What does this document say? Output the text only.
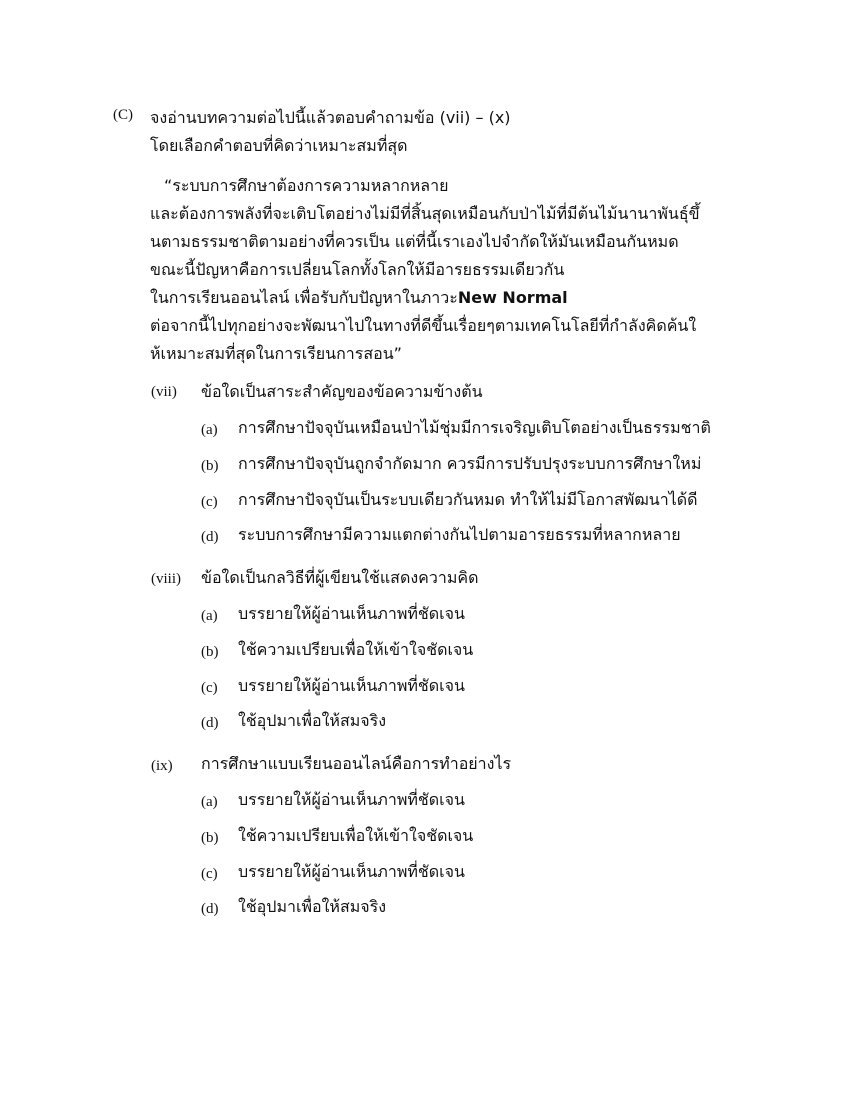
(C) จงอ่านบทความต่อไปนี้แล้วตอบคำถามข้อ (vii) – (x)
โดยเลือกคำตอบที่คิดว่าเหมาะสมที่สุด
“ระบบการศึกษาต้องการความหลากหลาย
และต้องการพลังที่จะเติบโตอย่างไม่มีที่สิ้นสุดเหมือนกับป่าไม้ที่มีต้นไม้นานาพันธุ์ขึ้
นตามธรรมชาติตามอย่างที่ควรเป็น แต่ที่นี้เราเองไปจำกัดให้มันเหมือนกันหมด
ขณะนี้ปัญหาคือการเปลี่ยนโลกทั้งโลกให้มีอารยธรรมเดียวกัน
ในการเรียนออนไลน์ เพื่อรับกับปัญหาในภาวะNew Normal
ต่อจากนี้ไปทุกอย่างจะพัฒนาไปในทางที่ดีขึ้นเรื่อยๆตามเทคโนโลยีที่กำลังคิดค้นใ
ห้เหมาะสมที่สุดในการเรียนการสอน”
(vii) ข้อใดเป็นสาระสำคัญของข้อความข้างต้น
(a) การศึกษาปัจจุบันเหมือนป่าไม้ชุ่มมีการเจริญเติบโตอย่างเป็นธรรมชาติ
(b) การศึกษาปัจจุบันถูกจำกัดมาก ควรมีการปรับปรุงระบบการศึกษาใหม่
(c) การศึกษาปัจจุบันเป็นระบบเดียวกันหมด ทำให้ไม่มีโอกาสพัฒนาได้ดี
(d) ระบบการศึกษามีความแตกต่างกันไปตามอารยธรรมที่หลากหลาย
(viii) ข้อใดเป็นกลวิธีที่ผู้เขียนใช้แสดงความคิด
(a) บรรยายให้ผู้อ่านเห็นภาพที่ชัดเจน
(b) ใช้ความเปรียบเพื่อให้เข้าใจชัดเจน
(c) บรรยายให้ผู้อ่านเห็นภาพที่ชัดเจน
(d) ใช้อุปมาเพื่อให้สมจริง
(ix) การศึกษาแบบเรียนออนไลน์คือการทำอย่างไร
(a) บรรยายให้ผู้อ่านเห็นภาพที่ชัดเจน
(b) ใช้ความเปรียบเพื่อให้เข้าใจชัดเจน
(c) บรรยายให้ผู้อ่านเห็นภาพที่ชัดเจน
(d) ใช้อุปมาเพื่อให้สมจริง
